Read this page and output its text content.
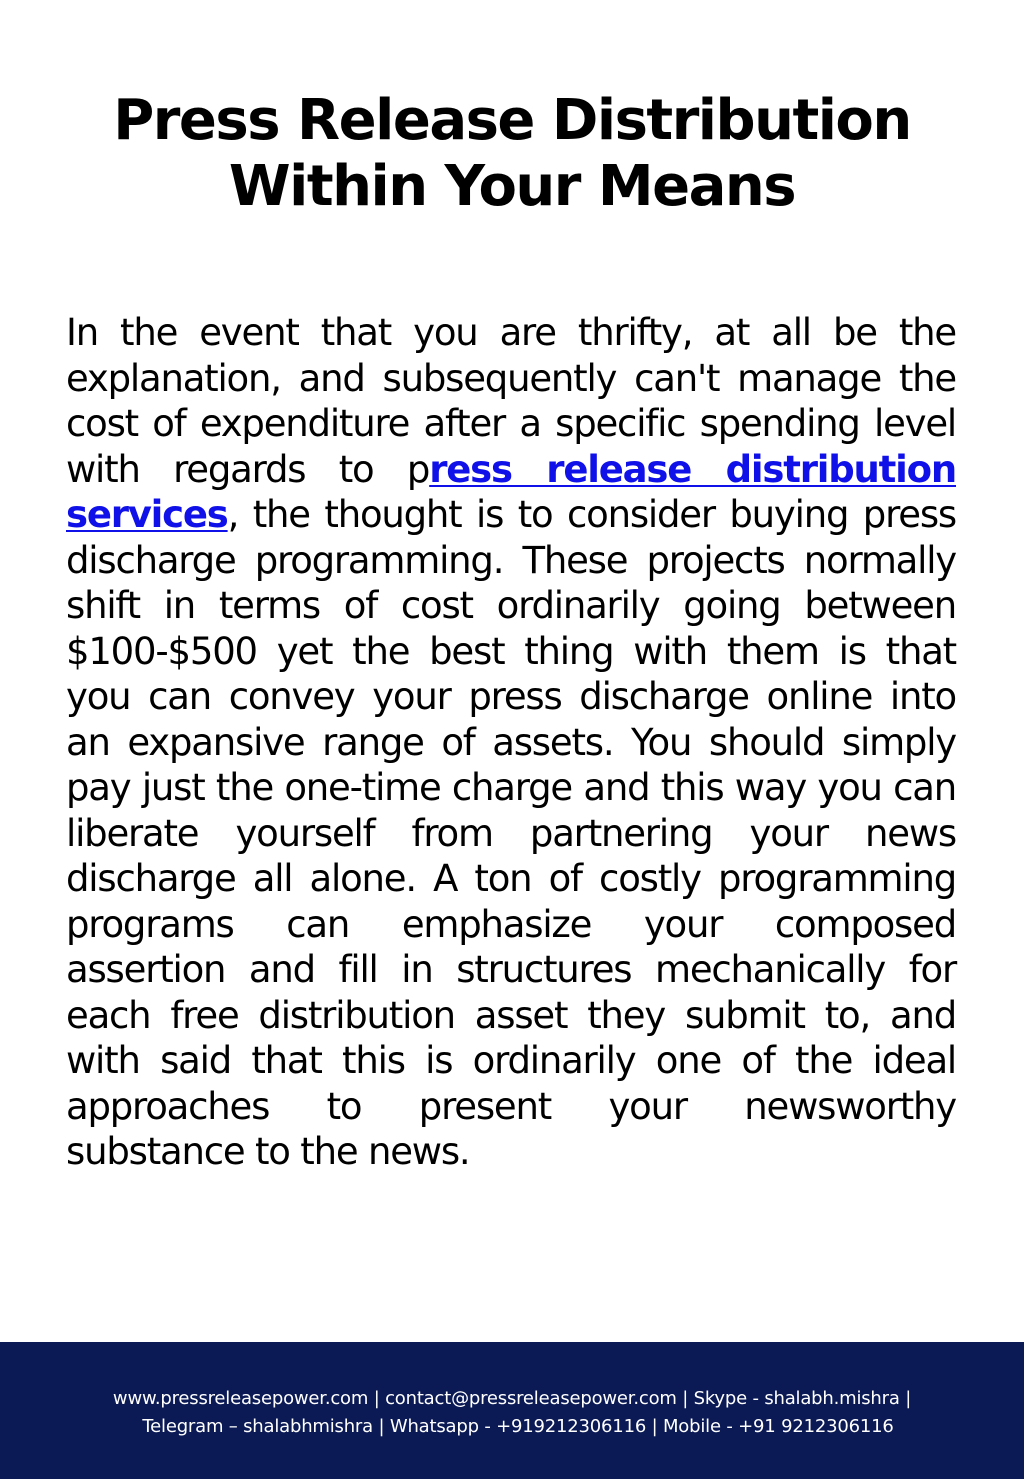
Press Release Distribution
Within Your Means

In the event that you are thrifty, at all be the explanation, and subsequently can't manage the cost of expenditure after a specific spending level with regards to press release distribution services, the thought is to consider buying press discharge programming. These projects normally shift in terms of cost ordinarily going between $100-$500 yet the best thing with them is that you can convey your press discharge online into an expansive range of assets. You should simply pay just the one-time charge and this way you can liberate yourself from partnering your news discharge all alone. A ton of costly programming programs can emphasize your composed assertion and fill in structures mechanically for each free distribution asset they submit to, and with said that this is ordinarily one of the ideal approaches to present your newsworthy substance to the news.

www.pressreleasepower.com | contact@pressreleasepower.com | Skype - shalabh.mishra |
Telegram – shalabhmishra | Whatsapp - +919212306116 | Mobile - +91 9212306116
